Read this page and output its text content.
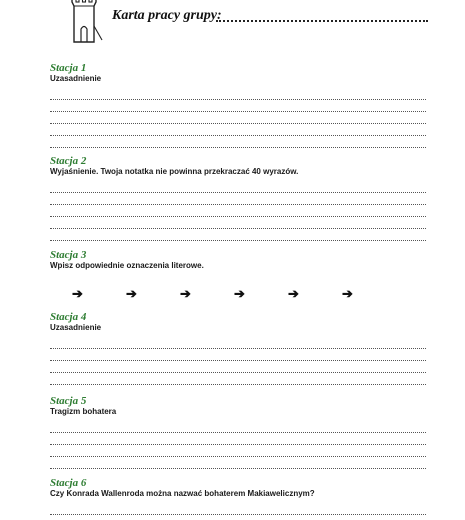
Karta pracy grupy:

Stacja 1

Uzasadnienie

Stacja 2

Wyjaśnienie. Twoja notatka nie powinna przekraczać 40 wyrazów.

Stacja 3

Wpisz odpowiednie oznaczenia literowe.

➔	➔	➔	➔	➔	➔

Stacja 4

Uzasadnienie

Stacja 5

Tragizm bohatera

Stacja 6

Czy Konrada Wallenroda można nazwać bohaterem Makiawelicznym?
